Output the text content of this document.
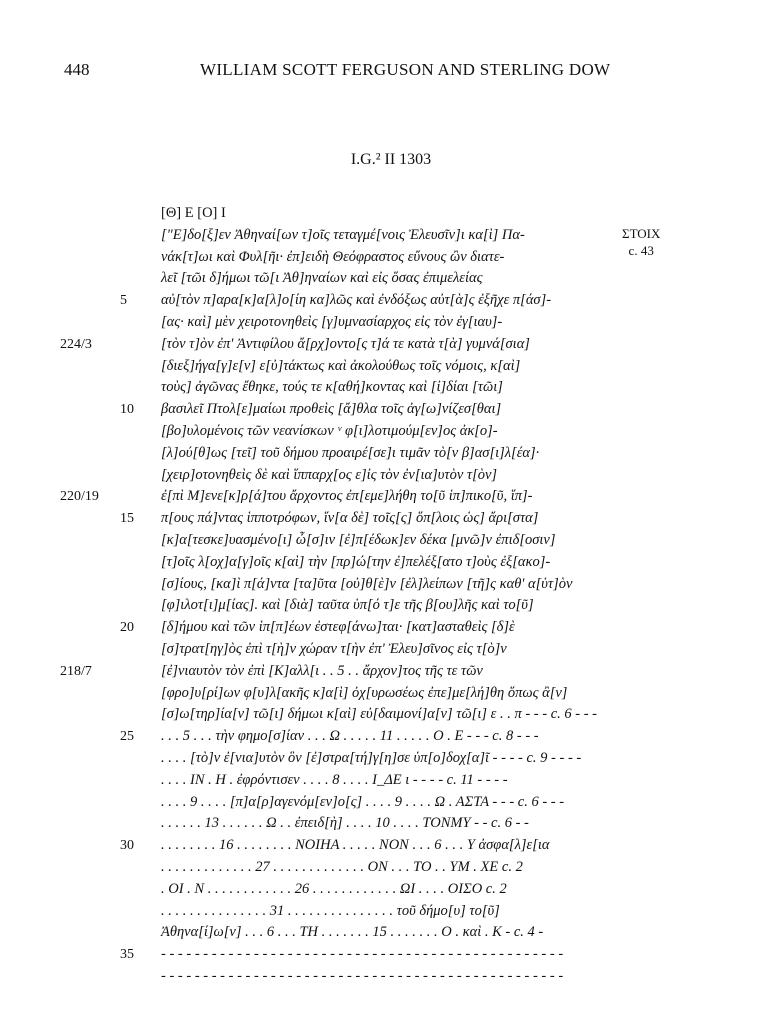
448	WILLIAM SCOTT FERGUSON AND STERLING DOW
I.G.² II 1303
ΣΤΟΙΧ
c. 43
[Θ] Ε [Ο] Ι
["Ε]δο[ξ]εν Ἀθηναί[ων τ]οῖς τεταγμέ[νοις Ἐλευσῖν]ι κα[ὶ] Πα-
νάκ[τ]ωι καὶ Φυλ[ῆι· ἐπ]ειδὴ Θεόφραστος εὔνους ὢν διατε-
λεῖ [τῶι δ]ήμωι τῶ[ι Ἀθ]ηναίων καὶ εἰς ὅσας ἐπιμελείας
5	αὐ[τὸν π]αρα[κ]α[λ]ο[ίη κα]λῶς καὶ ἐνδόξως αὐτ[ὰ]ς ἐξῆχε π[άσ]-
[ας· καὶ] μὲν χειροτονηθεὶς [γ]υμνασίαρχος εἰς τὸν ἐγ[ιαυ]-
224/3	[τὸν τ]ὸν ἐπ' Ἀντιφίλου ἄ[ρχ]οντο[ς τ]ά τε κατὰ τ[ὰ] γυμνά[σια]
[διεξ]ήγα[γ]ε[ν] ε[ὐ]τάκτως καὶ ἀκολούθως τοῖς νόμοις, κ[αὶ]
τοὺς] ἀγῶνας ἔθηκε, τούς τε κ[αθή]κοντας καὶ [ἰ]δίαι [τῶι]
10	βασιλεῖ Πτολ[ε]μαίωι προθεὶς [ἄ]θλα τοῖς ἀγ[ω]νίζεσ[θαι]
[βο]υλομένοις τῶν νεανίσκων ᵛ φ[ι]λοτιμούμ[εν]ος ἀκ[ο]-
[λ]ού[θ]ως [τεῖ] τοῦ δήμου προαιρέ[σε]ι τιμᾶν τὸ[ν β]ασ[ι]λ[έα]·
[χειρ]οτονηθεὶς δὲ καὶ ἵππαρχ[ος ε]ἰς τὸν ἐν[ια]υτὸν τ[ὸν]
220/19	ἐ[πὶ Μ]ενε[κ]ρ[ά]του ἄρχοντος ἐπ[εμε]λήθη το[ῦ ἱπ]πικο[ῦ, ἵπ]-
15	π[ους πά]ντας ἱπποτρόφων, ἵν[α δὲ] τοῖς[ς] ὅπ[λοις ὡς] ἄρι[στα]
[κ]α[τεσκε]υασμένο[ι] ὦ[σ]ιν [ἐ]π[έδωκ]εν δέκα [μνῶ]ν ἐπιδ[οσιν]
[τ]οῖς λ[οχ]α[γ]οῖς κ[αὶ] τὴν [πρ]ώ[την ἐ]πελέξ[ατο τ]οὺς ἐξ[ακο]-
[σ]ίους, [κα]ὶ π[ά]ντα [τα]ῦτα [οὐ]θ[ὲ]ν [ἐλ]λείπων [τῆ]ς καθ' α[ὑτ]ὸν
[φ]ιλοτ[ι]μ[ίας]. καὶ [διὰ] ταῦτα ὑπ[ό τ]ε τῆς β[ου]λῆς καὶ το[ῦ]
20	[δ]ήμου καὶ τῶν ἱπ[π]έων ἐστεφ[άνω]ται· [κατ]ασταθεὶς [δ]ὲ
[σ]τρατ[ηγ]ὸς ἐπὶ τ[ὴ]ν χώραν τ[ὴν ἐπ' Ἐλευ]σῖνος εἰς τ[ὸ]ν
218/7	[ἐ]νιαυτὸν τὸν ἐπὶ [Κ]αλλ[ι . . 5 . . ἄρχον]τος τῆς τε τῶν
[φρο]υ[ρί]ων φ[υ]λ[ακῆς κ]α[ὶ] ὀχ[υρωσέως ἐπε]με[λή]θη ὅπως ἂ[ν]
[σ]ω[τηρ]ία[ν] τῶ[ι] δήμωι κ[αὶ] εὐ[δαιμονί]α[ν] τῶ[ι] ε . . π - - - c. 6 - - -
25	. . . 5 . . . τὴν φημο[σ]ίαν . . . Ω . . . . . 11 . . . . . Ο . Ε - - - c. 8 - - -
. . . . [τὸ]ν ἐ[νια]υτὸν ὃν [ἐ]στρα[τή]γ[η]σε ὑπ[ο]δοχ[α]ῖ - - - - c. 9 - - - -
. . . . ΙΝ . Η . ἐφρόντισεν . . . . 8 . . . . Ι_ΔΕ ι - - - - c. 11 - - - -
. . . . 9 . . . . [π]α[ρ]αγενόμ[εν]ο[ς] . . . . 9 . . . . Ω . ΑΣΤΑ - - - c. 6 - - -
. . . . . . 13 . . . . . . Ω . . ἐπειδ[ὴ] . . . . 10 . . . . ΤΟΝΜΥ - - c. 6 - -
30	. . . . . . . . 16 . . . . . . . . ΝΟΙΗΑ . . . . . ΝΟΝ . . . 6 . . . Υ ἀσφα[λ]ε[ια
. . . . . . . . . . . . . 27 . . . . . . . . . . . . . ΟΝ . . . ΤΟ . . ΥΜ . ΧΕ c. 2
. ΟΙ . Ν . . . . . . . . . . . . 26 . . . . . . . . . . . . ΩΙ . . . . ΟΙΣΟ c. 2
. . . . . . . . . . . . . . . 31 . . . . . . . . . . . . . . . τοῦ δήμο[υ] το[ῦ]
Ἀθηνα[ί]ω[ν] . . . 6 . . . ΤΗ . . . . . . . 15 . . . . . . . Ο . καὶ . Κ - c. 4 -
35	- - - - - - - - - - - - - - - - - - - - - - - - - - - - - - - - - - - - - - - - - - - - - - - -
- - - - - - - - - - - - - - - - - - - - - - - - - - - - - - - - - - - - - - - - - - - - - - - -
